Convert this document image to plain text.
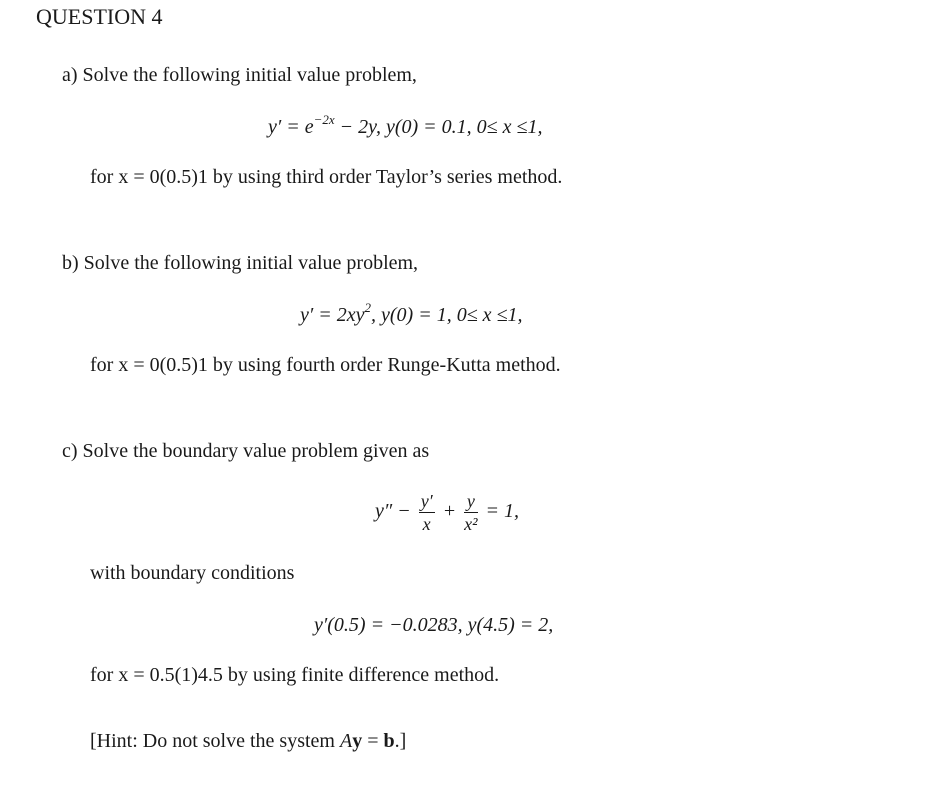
QUESTION 4
a) Solve the following initial value problem,
$y' = e^{-2x} - 2y$, y(0) = 0.1, 0≤ x ≤1,
for x = 0(0.5)1 by using third order Taylor’s series method.
b) Solve the following initial value problem,
$y' = 2xy^2$, y(0) = 1, 0≤ x ≤1,
for x = 0(0.5)1 by using fourth order Runge-Kutta method.
c) Solve the boundary value problem given as
$y'' - \frac{y'}{x} + \frac{y}{\text{x²}} = 1$,
with boundary conditions
y′(0.5) = −0.0283, y(4.5) = 2,
for x = 0.5(1)4.5 by using finite difference method.
[Hint: Do not solve the system Ay = b.]
